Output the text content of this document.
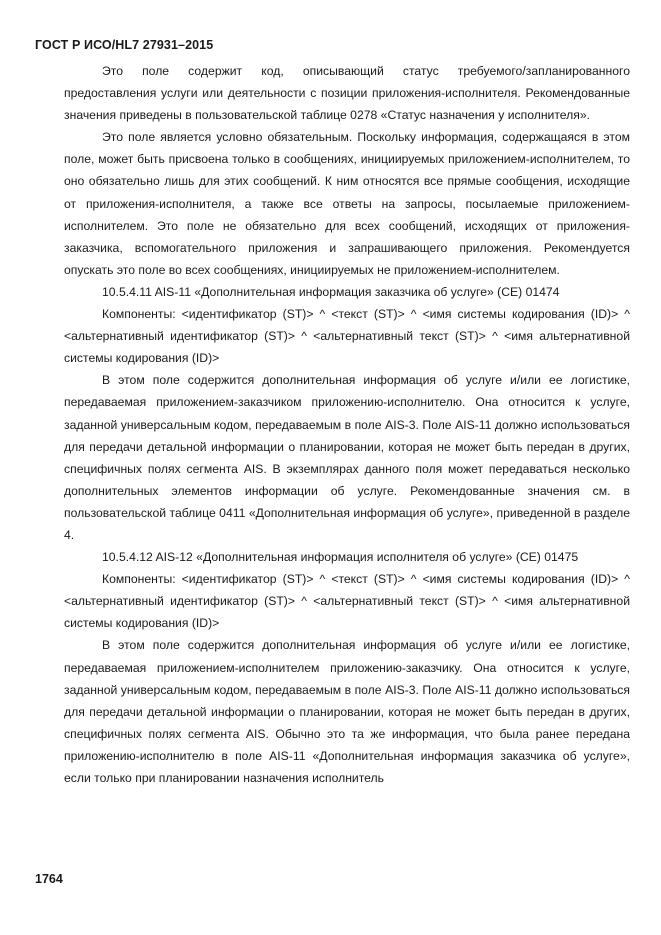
ГОСТ Р ИСО/HL7 27931–2015

Это поле содержит код, описывающий статус требуемого/запланированного предоставления услуги или деятельности с позиции приложения-исполнителя. Рекомендованные значения приведены в пользовательской таблице 0278 «Статус назначения у исполнителя».

Это поле является условно обязательным. Поскольку информация, содержащаяся в этом поле, может быть присвоена только в сообщениях, инициируемых приложением-исполнителем, то оно обязательно лишь для этих сообщений. К ним относятся все прямые сообщения, исходящие от приложения-исполнителя, а также все ответы на запросы, посылаемые приложением-исполнителем. Это поле не обязательно для всех сообщений, исходящих от приложения-заказчика, вспомогательного приложения и запрашивающего приложения. Рекомендуется опускать это поле во всех сообщениях, инициируемых не приложением-исполнителем.

10.5.4.11 AIS-11 «Дополнительная информация заказчика об услуге» (CE) 01474

Компоненты: <идентификатор (ST)> ^ <текст (ST)> ^ <имя системы кодирования (ID)> ^ <альтернативный идентификатор (ST)> ^ <альтернативный текст (ST)> ^ <имя альтернативной системы кодирования (ID)>

В этом поле содержится дополнительная информация об услуге и/или ее логистике, передаваемая приложением-заказчиком приложению-исполнителю. Она относится к услуге, заданной универсальным кодом, передаваемым в поле AIS-3. Поле AIS-11 должно использоваться для передачи детальной информации о планировании, которая не может быть передан в других, специфичных полях сегмента AIS. В экземплярах данного поля может передаваться несколько дополнительных элементов информации об услуге. Рекомендованные значения см. в пользовательской таблице 0411 «Дополнительная информация об услуге», приведенной в разделе 4.

10.5.4.12 AIS-12 «Дополнительная информация исполнителя об услуге» (CE) 01475

Компоненты: <идентификатор (ST)> ^ <текст (ST)> ^ <имя системы кодирования (ID)> ^ <альтернативный идентификатор (ST)> ^ <альтернативный текст (ST)> ^ <имя альтернативной системы кодирования (ID)>

В этом поле содержится дополнительная информация об услуге и/или ее логистике, передаваемая приложением-исполнителем приложению-заказчику. Она относится к услуге, заданной универсальным кодом, передаваемым в поле AIS-3. Поле AIS-11 должно использоваться для передачи детальной информации о планировании, которая не может быть передан в других, специфичных полях сегмента AIS. Обычно это та же информация, что была ранее передана приложению-исполнителю в поле AIS-11 «Дополнительная информация заказчика об услуге», если только при планировании назначения исполнитель

1764
